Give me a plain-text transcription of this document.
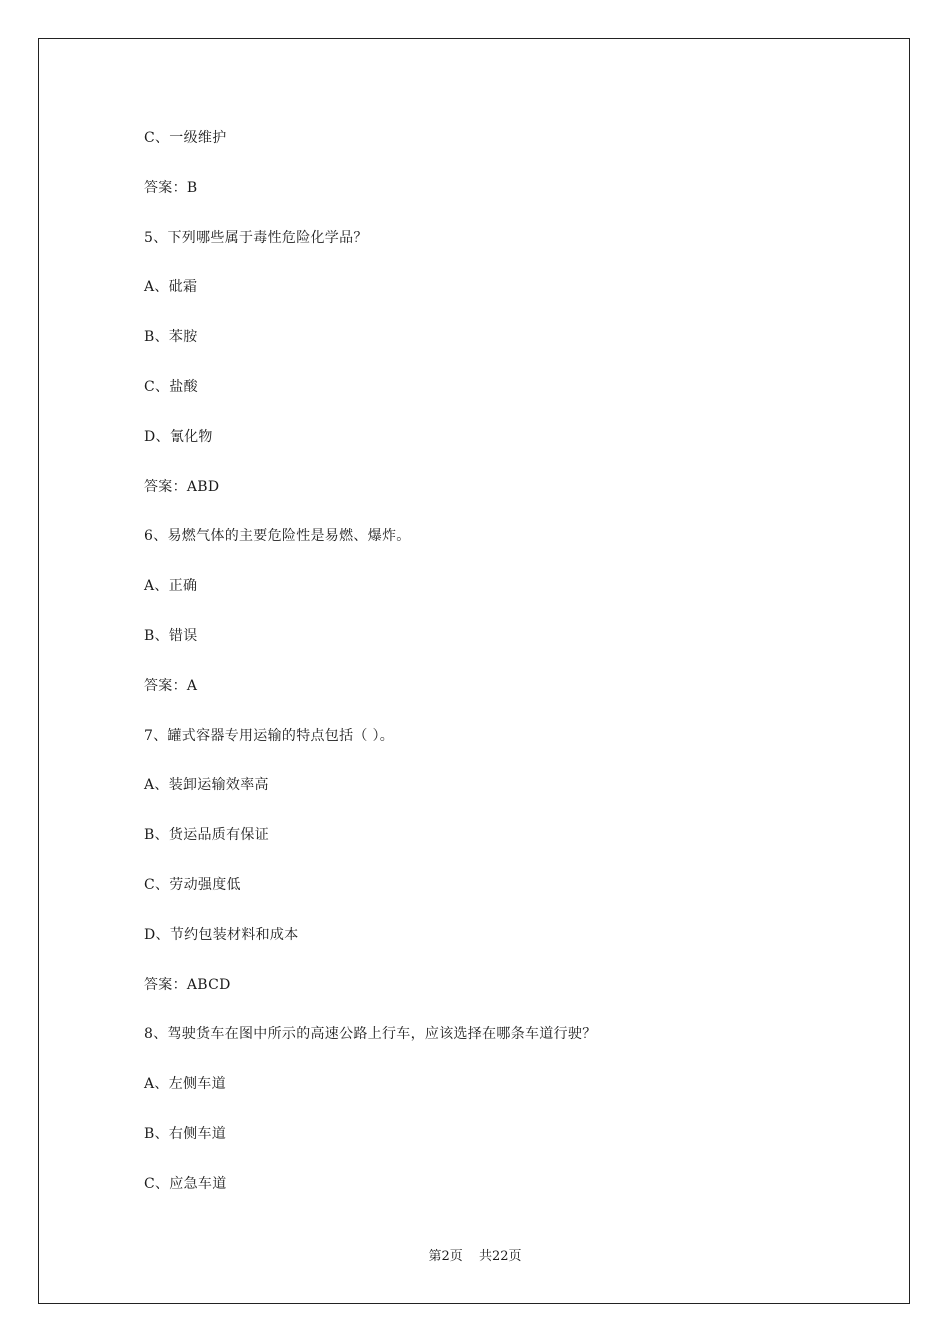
C、一级维护
答案：B
5、下列哪些属于毒性危险化学品？
A、砒霜
B、苯胺
C、盐酸
D、氰化物
答案：ABD
6、易燃气体的主要危险性是易燃、爆炸。
A、正确
B、错误
答案：A
7、罐式容器专用运输的特点包括（ ）。
A、装卸运输效率高
B、货运品质有保证
C、劳动强度低
D、节约包装材料和成本
答案：ABCD
8、驾驶货车在图中所示的高速公路上行车，应该选择在哪条车道行驶？
A、左侧车道
B、右侧车道
C、应急车道
第2页 共22页
